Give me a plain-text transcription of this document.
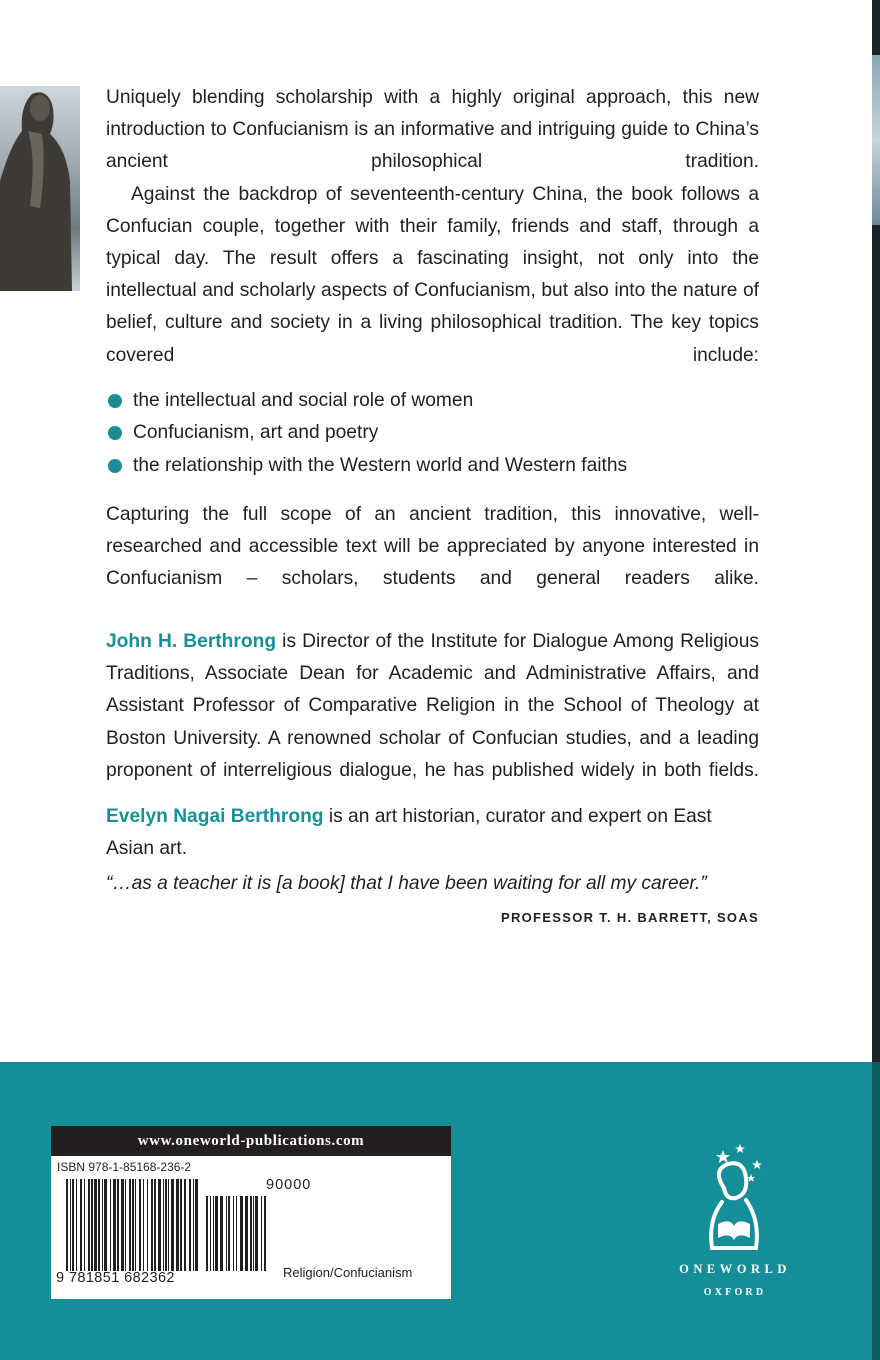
Uniquely blending scholarship with a highly original approach, this new introduction to Confucianism is an informative and intriguing guide to China’s ancient philosophical tradition.

Against the backdrop of seventeenth-century China, the book follows a Confucian couple, together with their family, friends and staff, through a typical day. The result offers a fascinating insight, not only into the intellectual and scholarly aspects of Confucianism, but also into the nature of belief, culture and society in a living philosophical tradition. The key topics covered include:

the intellectual and social role of women
Confucianism, art and poetry
the relationship with the Western world and Western faiths

Capturing the full scope of an ancient tradition, this innovative, well-researched and accessible text will be appreciated by anyone interested in Confucianism – scholars, students and general readers alike.

John H. Berthrong is Director of the Institute for Dialogue Among Religious Traditions, Associate Dean for Academic and Administrative Affairs, and Assistant Professor of Comparative Religion in the School of Theology at Boston University. A renowned scholar of Confucian studies, and a leading proponent of interreligious dialogue, he has published widely in both fields.

Evelyn Nagai Berthrong is an art historian, curator and expert on East Asian art.

“…as a teacher it is [a book] that I have been waiting for all my career.”
PROFESSOR T. H. BARRETT, SOAS
www.oneworld-publications.com
ISBN 978-1-85168-236-2
90000
9 781851 682362	Religion/Confucianism	ONEWORLD
OXFORD
